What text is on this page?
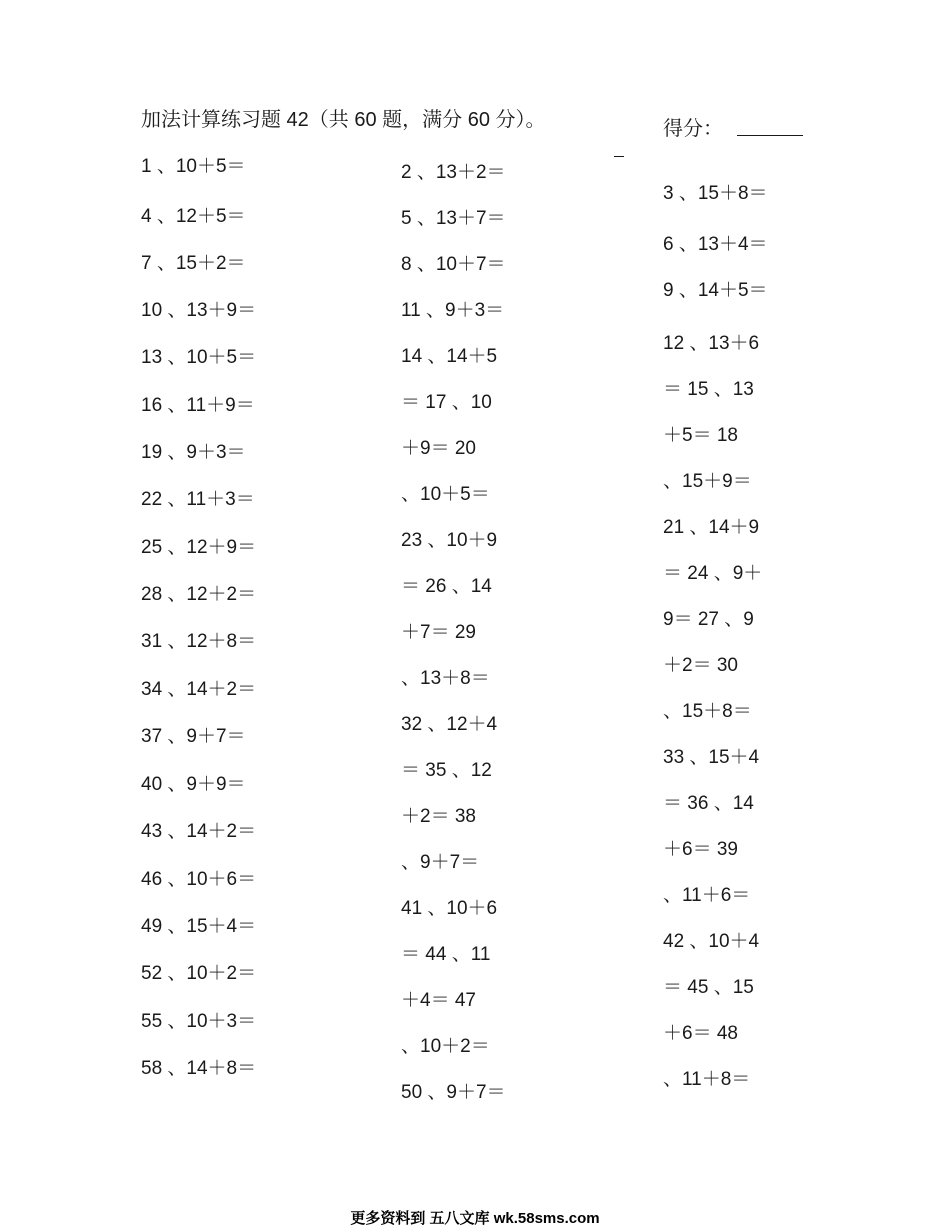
加法计算练习题 42（共 60 题，满分 60 分）。	得分：
1 、10＋5＝
4 、12＋5＝
7 、15＋2＝
10 、13＋9＝
13 、10＋5＝
16 、11＋9＝
19 、9＋3＝
22 、11＋3＝
25 、12＋9＝
28 、12＋2＝
31 、12＋8＝
34 、14＋2＝
37 、9＋7＝
40 、9＋9＝
43 、14＋2＝
46 、10＋6＝
49 、15＋4＝
52 、10＋2＝
55 、10＋3＝
58 、14＋8＝
2 、13＋2＝
5 、13＋7＝
8 、10＋7＝
11 、9＋3＝
14 、14＋5
＝ 17 、10
＋9＝ 20
、10＋5＝
23 、10＋9
＝ 26 、14
＋7＝ 29
、13＋8＝
32 、12＋4
＝ 35 、12
＋2＝ 38
、9＋7＝
41 、10＋6
＝ 44 、11
＋4＝ 47
、10＋2＝
50 、9＋7＝
3 、15＋8＝
6 、13＋4＝
9 、14＋5＝
12 、13＋6
＝ 15 、13
＋5＝ 18
、15＋9＝
21 、14＋9
＝ 24 、9＋
9＝ 27 、9
＋2＝ 30
、15＋8＝
33 、15＋4
＝ 36 、14
＋6＝ 39
、11＋6＝
42 、10＋4
＝ 45 、15
＋6＝ 48
、11＋8＝
更多资料到 五八文库 wk.58sms.com
